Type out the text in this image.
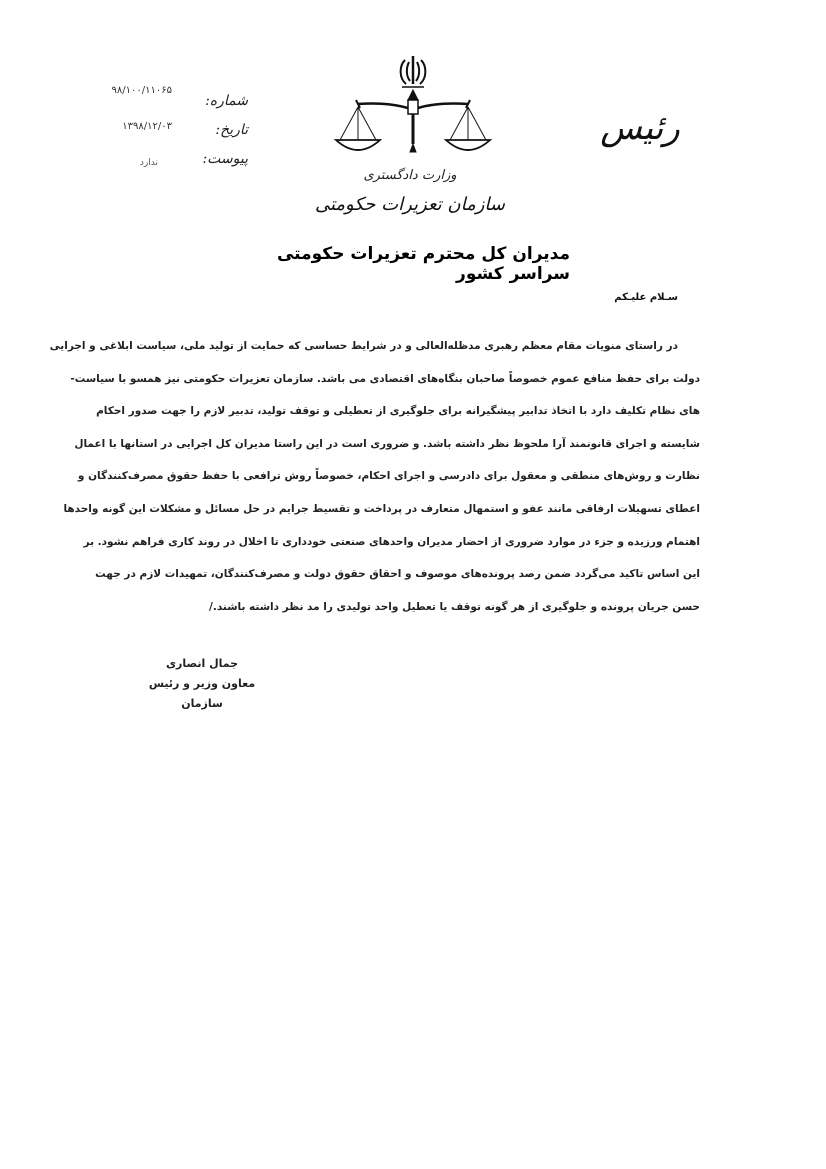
رئیس
وزارت دادگستری
سازمان تعزیرات حکومتی
شماره:
تاریخ:
پیوست:
۹۸/۱۰۰/۱۱۰۶۵
۱۳۹۸/۱۲/۰۳
ندارد
مدیران کل محترم تعزیرات حکومتی سراسر کشور
سـلام علیـکم
در راستای منویات مقام معظم رهبری مدظله‌العالی و در شرایط حساسی که حمایت از تولید ملی، سیاست ابلاغی و اجرایی
دولت برای حفظ منافع عموم خصوصاً صاحبان بنگاه‌های اقتصادی می باشد. سازمان تعزیرات حکومتی نیز همسو با سیاست-
های نظام تکلیف دارد با اتخاذ تدابیر پیشگیرانه برای جلوگیری از تعطیلی و توقف تولید، تدبیر لازم را جهت صدور احکام
شایسته و اجرای قانونمند آرا ملحوظ نظر داشته باشد. و ضروری است در این راستا مدیران کل اجرایی در استانها با اعمال
نظارت و روش‌های منطقی و معقول برای دادرسی و اجرای احکام، خصوصاً روش ترافعی با حفظ حقوق مصرف‌کنندگان و
اعطای تسهیلات ارفاقی مانند عفو و استمهال متعارف در پرداخت و تقسیط جرایم در حل مسائل و مشکلات این گونه واحدها
اهتمام ورزیده و جزء در موارد ضروری از احضار مدیران واحدهای صنعتی خودداری تا اخلال در روند کاری فراهم نشود. بر
این اساس تاکید می‌گردد ضمن رصد پرونده‌های موصوف و احقاق حقوق دولت و مصرف‌کنندگان، تمهیدات لازم در جهت
حسن جریان پرونده و جلوگیری از هر گونه توقف یا تعطیل واحد تولیدی را مد نظر داشته باشند./
جمال انصاری
معاون وزیر و رئیس سازمان
